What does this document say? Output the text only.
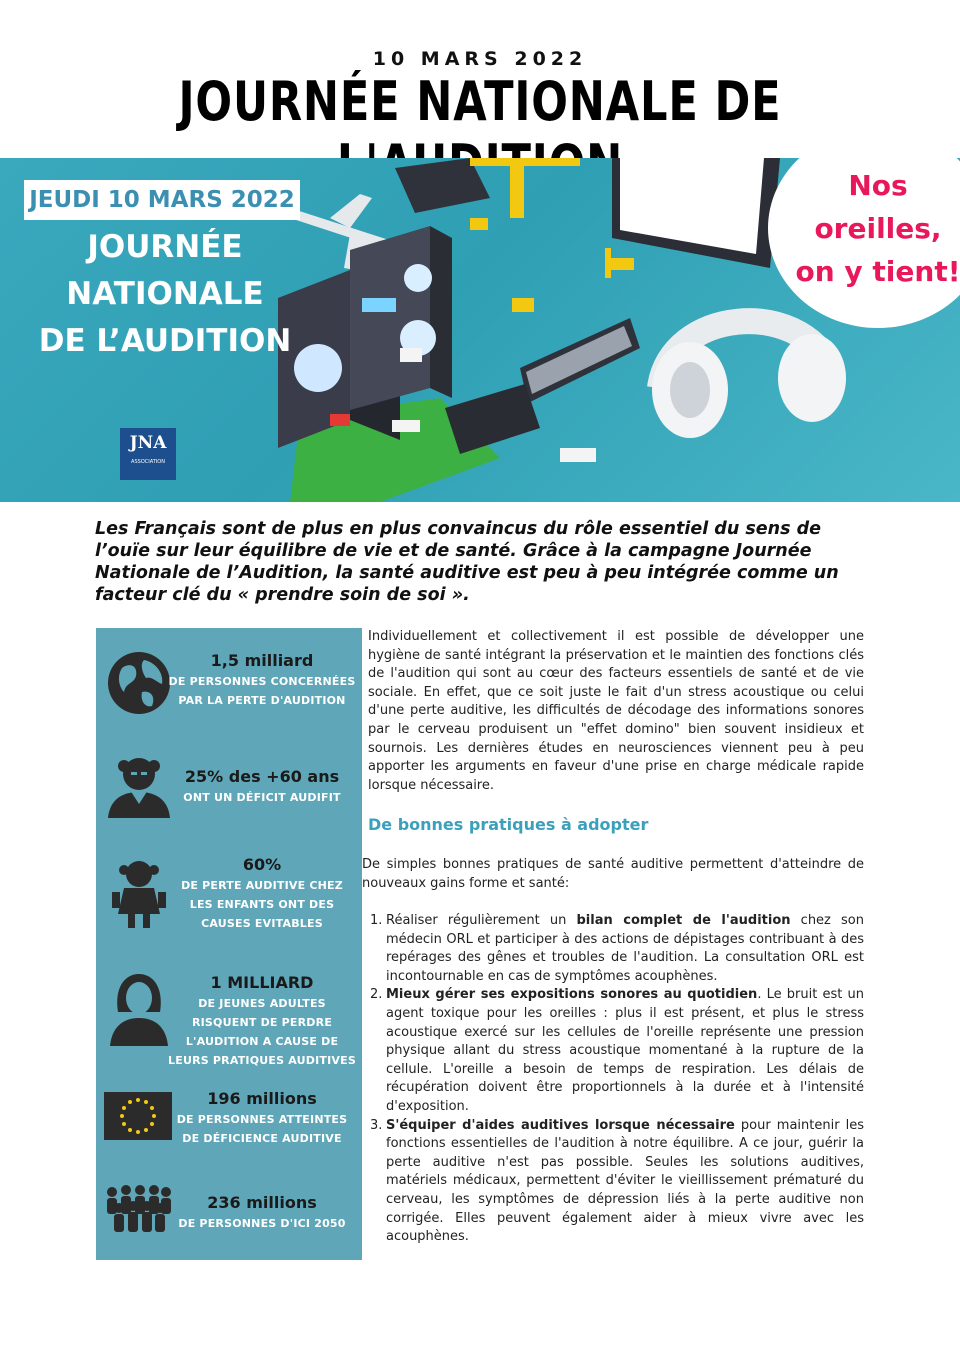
10 MARS 2022
JOURNÉE NATIONALE DE
JEUDI 10 MARS 2022
JOURNÉE
NATIONALE
DE L’AUDITION
Nos oreilles,
on y tient!
JNA
ASSOCIATION
Les Français sont de plus en plus convaincus du rôle essentiel du sens de l’ouïe sur leur équilibre de vie et de santé. Grâce à la campagne Journée Nationale de l’Audition, la santé auditive est peu à peu intégrée comme un facteur clé du « prendre soin de soi ».
1,5 milliard
DE PERSONNES CONCERNÉES PAR LA PERTE D'AUDITION
25% des +60 ans
ONT UN DÉFICIT AUDIFIT
60%
DE PERTE AUDITIVE CHEZ LES ENFANTS ONT DES CAUSES EVITABLES
1 MILLIARD
DE JEUNES ADULTES RISQUENT DE PERDRE L'AUDITION A CAUSE DE LEURS PRATIQUES AUDITIVES
196 millions
DE PERSONNES ATTEINTES DE DÉFICIENCE AUDITIVE
236 millions
DE PERSONNES D'ICI 2050
Individuellement et collectivement il est possible de développer une hygiène de santé intégrant la préservation et le maintien des fonctions clés de l'audition qui sont au cœur des facteurs essentiels de santé et de vie sociale. En effet, que ce soit juste le fait d'un stress acoustique ou celui d'une perte auditive, les difficultés de décodage des informations sonores par le cerveau produisent un "effet domino" bien souvent insidieux et sournois. Les dernières études en neurosciences viennent peu à peu apporter les arguments en faveur d'une prise en charge médicale rapide lorsque nécessaire.
De bonnes pratiques à adopter
De simples bonnes pratiques de santé auditive permettent d'atteindre de nouveaux gains forme et santé:
1. Réaliser régulièrement un bilan complet de l'audition chez son médecin ORL et participer à des actions de dépistages contribuant à des repérages des gênes et troubles de l'audition. La consultation ORL est incontournable en cas de symptômes acouphènes.
2. Mieux gérer ses expositions sonores au quotidien. Le bruit est un agent toxique pour les oreilles : plus il est présent, et plus le stress acoustique exercé sur les cellules de l'oreille représente une pression physique allant du stress acoustique momentané à la rupture de la cellule. L'oreille a besoin de temps de respiration. Les délais de récupération doivent être proportionnels à la durée et à l'intensité d'exposition.
3. S'équiper d'aides auditives lorsque nécessaire pour maintenir les fonctions essentielles de l'audition à notre équilibre. A ce jour, guérir la perte auditive n'est pas possible. Seules les solutions auditives, matériels médicaux, permettent d'éviter le vieillissement prématuré du cerveau, les symptômes de dépression liés à la perte auditive non corrigée. Elles peuvent également aider à mieux vivre avec les acouphènes.
